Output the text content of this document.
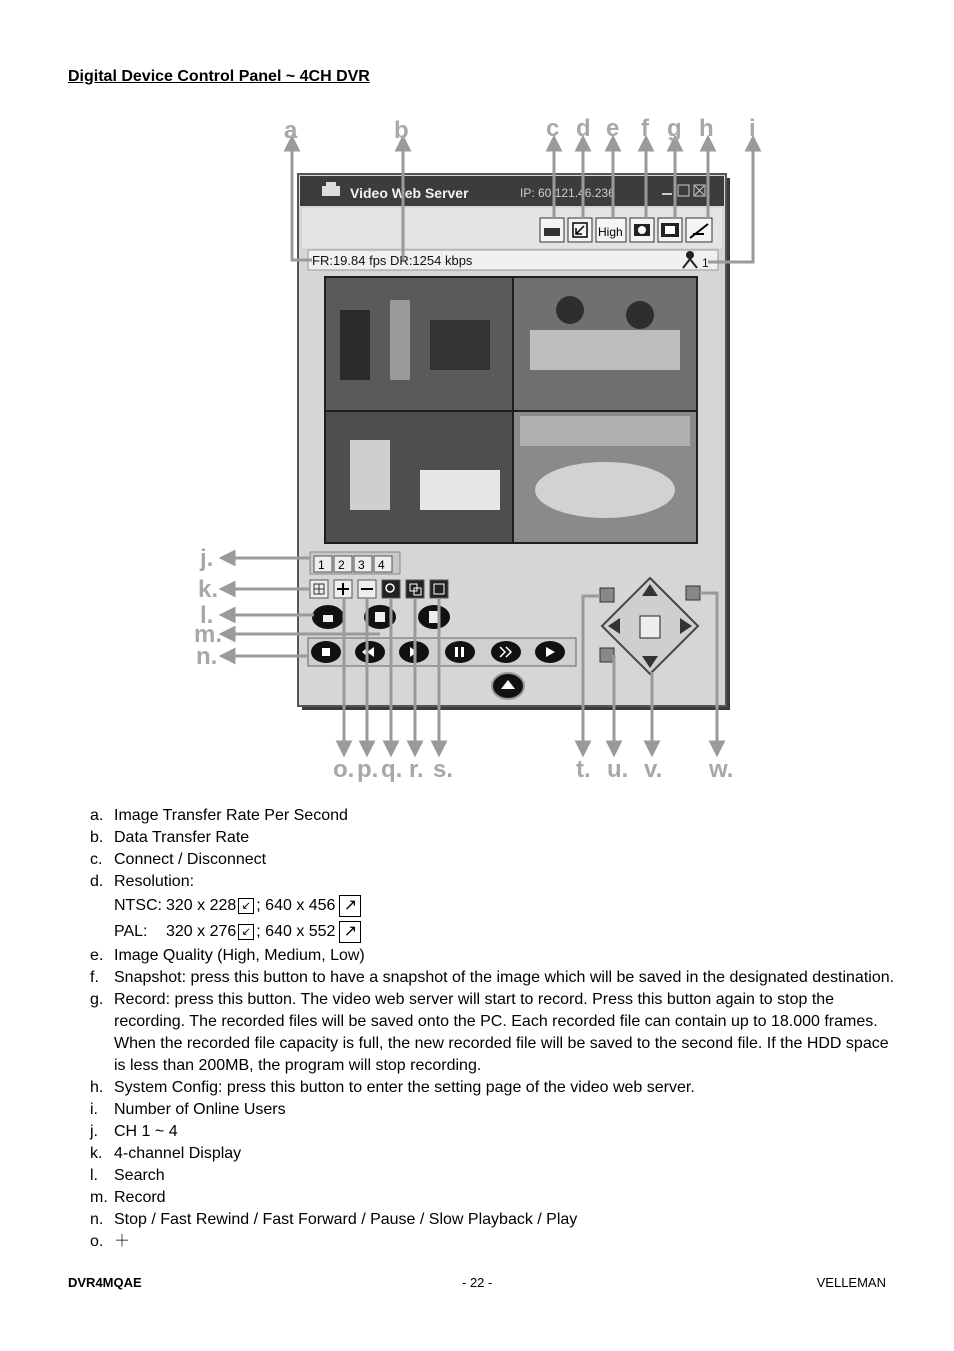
Digital Device Control Panel ~ 4CH DVR
Video Web Server	IP: 60.121.46.236
High
FR:19.84 fps DR:1254 kbps	1
1 2 3 4
a	b	c d e f g h i
j.
k.
l.
m.
n.
o. p. q. r. s.	t. u. v. w.
a. Image Transfer Rate Per Second
b. Data Transfer Rate
c. Connect / Disconnect
d. Resolution:
NTSC: 320 x 228 ↙ ; 640 x 456 ↗
PAL:	320 x 276 ↙ ; 640 x 552 ↗
e. Image Quality (High, Medium, Low)
f. Snapshot: press this button to have a snapshot of the image which will be saved in the designated destination.
g. Record: press this button. The video web server will start to record. Press this button again to stop the recording. The recorded files will be saved onto the PC. Each recorded file can contain up to 18.000 frames. When the recorded file capacity is full, the new recorded file will be saved to the second file. If the HDD space is less than 200MB, the program will stop recording.
h. System Config: press this button to enter the setting page of the video web server.
i.	Number of Online Users
j.	CH 1 ~ 4
k. 4-channel Display
l.	Search
m. Record
n. Stop / Fast Rewind / Fast Forward / Pause / Slow Playback / Play
o. ＋
DVR4MQAE	- 22 -	VELLEMAN
